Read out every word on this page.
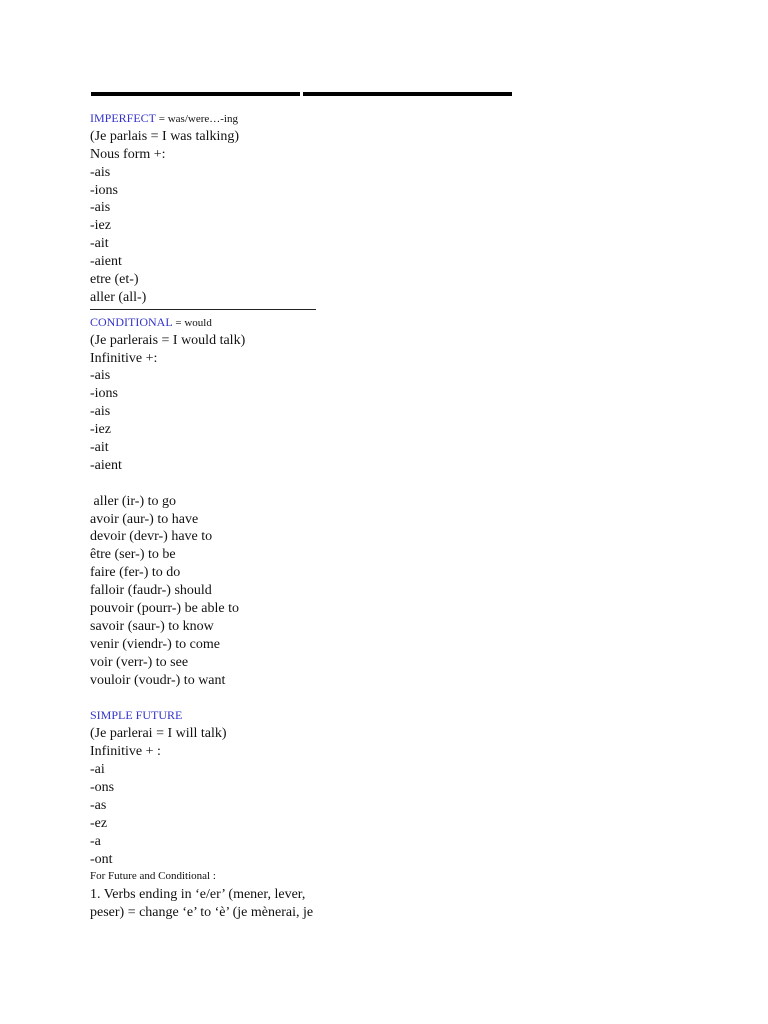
IMPERFECT = was/were…-ing
(Je parlais = I was talking)
Nous form +:
-ais
-ions
-ais
-iez
-ait
-aient
etre (et-)
aller (all-)
CONDITIONAL = would
(Je parlerais = I would talk)
Infinitive +:
-ais
-ions
-ais
-iez
-ait
-aient
aller (ir-) to go
avoir (aur-) to have
devoir (devr-) have to
être (ser-) to be
faire (fer-) to do
falloir (faudr-) should
pouvoir (pourr-) be able to
savoir (saur-) to know
venir (viendr-) to come
voir (verr-) to see
vouloir (voudr-) to want
SIMPLE FUTURE
(Je parlerai = I will talk)
Infinitive + :
-ai
-ons
-as
-ez
-a
-ont
For Future and Conditional :
1. Verbs ending in ‘e/er’ (mener, lever,
peser) = change ‘e’ to ‘è’ (je mènerai, je
